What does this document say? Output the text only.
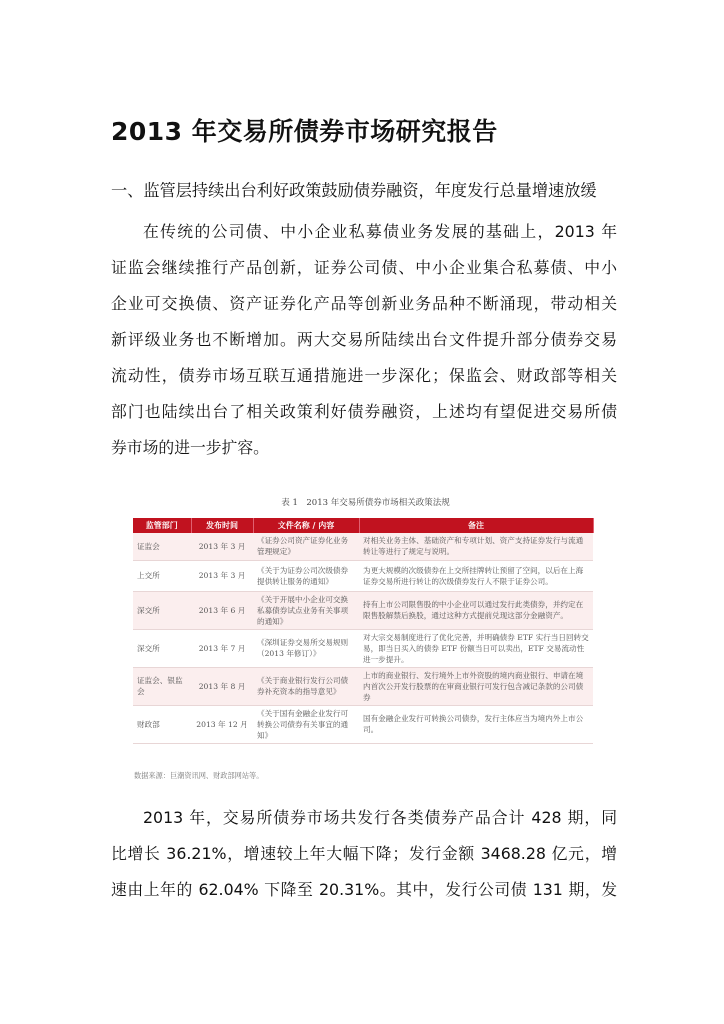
2013 年交易所债券市场研究报告
一、监管层持续出台利好政策鼓励债券融资，年度发行总量增速放缓
在传统的公司债、中小企业私募债业务发展的基础上，2013 年
证监会继续推行产品创新，证券公司债、中小企业集合私募债、中小
企业可交换债、资产证券化产品等创新业务品种不断涌现，带动相关
新评级业务也不断增加。两大交易所陆续出台文件提升部分债券交易
流动性，债券市场互联互通措施进一步深化；保监会、财政部等相关
部门也陆续出台了相关政策利好债券融资，上述均有望促进交易所债
券市场的进一步扩容。
表 1　2013 年交易所债券市场相关政策法规
监管部门	发布时间	文件名称 / 内容	备注
证监会	2013 年 3 月	《证券公司资产证券化业务管理规定》	对相关业务主体、基础资产和专项计划、资产支持证券发行与流通转让等进行了规定与说明。
上交所	2013 年 3 月	《关于为证券公司次级债券提供转让服务的通知》	为更大规模的次级债券在上交所挂牌转让预留了空间，以后在上海证券交易所进行转让的次级债券发行人不限于证券公司。
深交所	2013 年 6 月	《关于开展中小企业可交换私募债券试点业务有关事项的通知》	持有上市公司限售股的中小企业可以通过发行此类债券，并约定在限售股解禁后换股，通过这种方式提前兑现这部分金融资产。
深交所	2013 年 7 月	《深圳证券交易所交易规则（2013 年修订）》	对大宗交易制度进行了优化完善，并明确债券 ETF 实行当日回转交易，即当日买入的债券 ETF 份额当日可以卖出，ETF 交易流动性进一步提升。
证监会、银监会	2013 年 8 月	《关于商业银行发行公司债券补充资本的指导意见》	上市的商业银行、发行境外上市外资股的境内商业银行、申请在境内首次公开发行股票的在审商业银行可发行包含减记条款的公司债券
财政部	2013 年 12 月	《关于国有金融企业发行可转换公司债券有关事宜的通知》	国有金融企业发行可转换公司债券，发行主体应当为境内外上市公司。
数据来源：巨潮资讯网、财政部网站等。
2013 年，交易所债券市场共发行各类债券产品合计 428 期，同
比增长 36.21%，增速较上年大幅下降；发行金额 3468.28 亿元，增
速由上年的 62.04% 下降至 20.31%。其中，发行公司债 131 期，发
